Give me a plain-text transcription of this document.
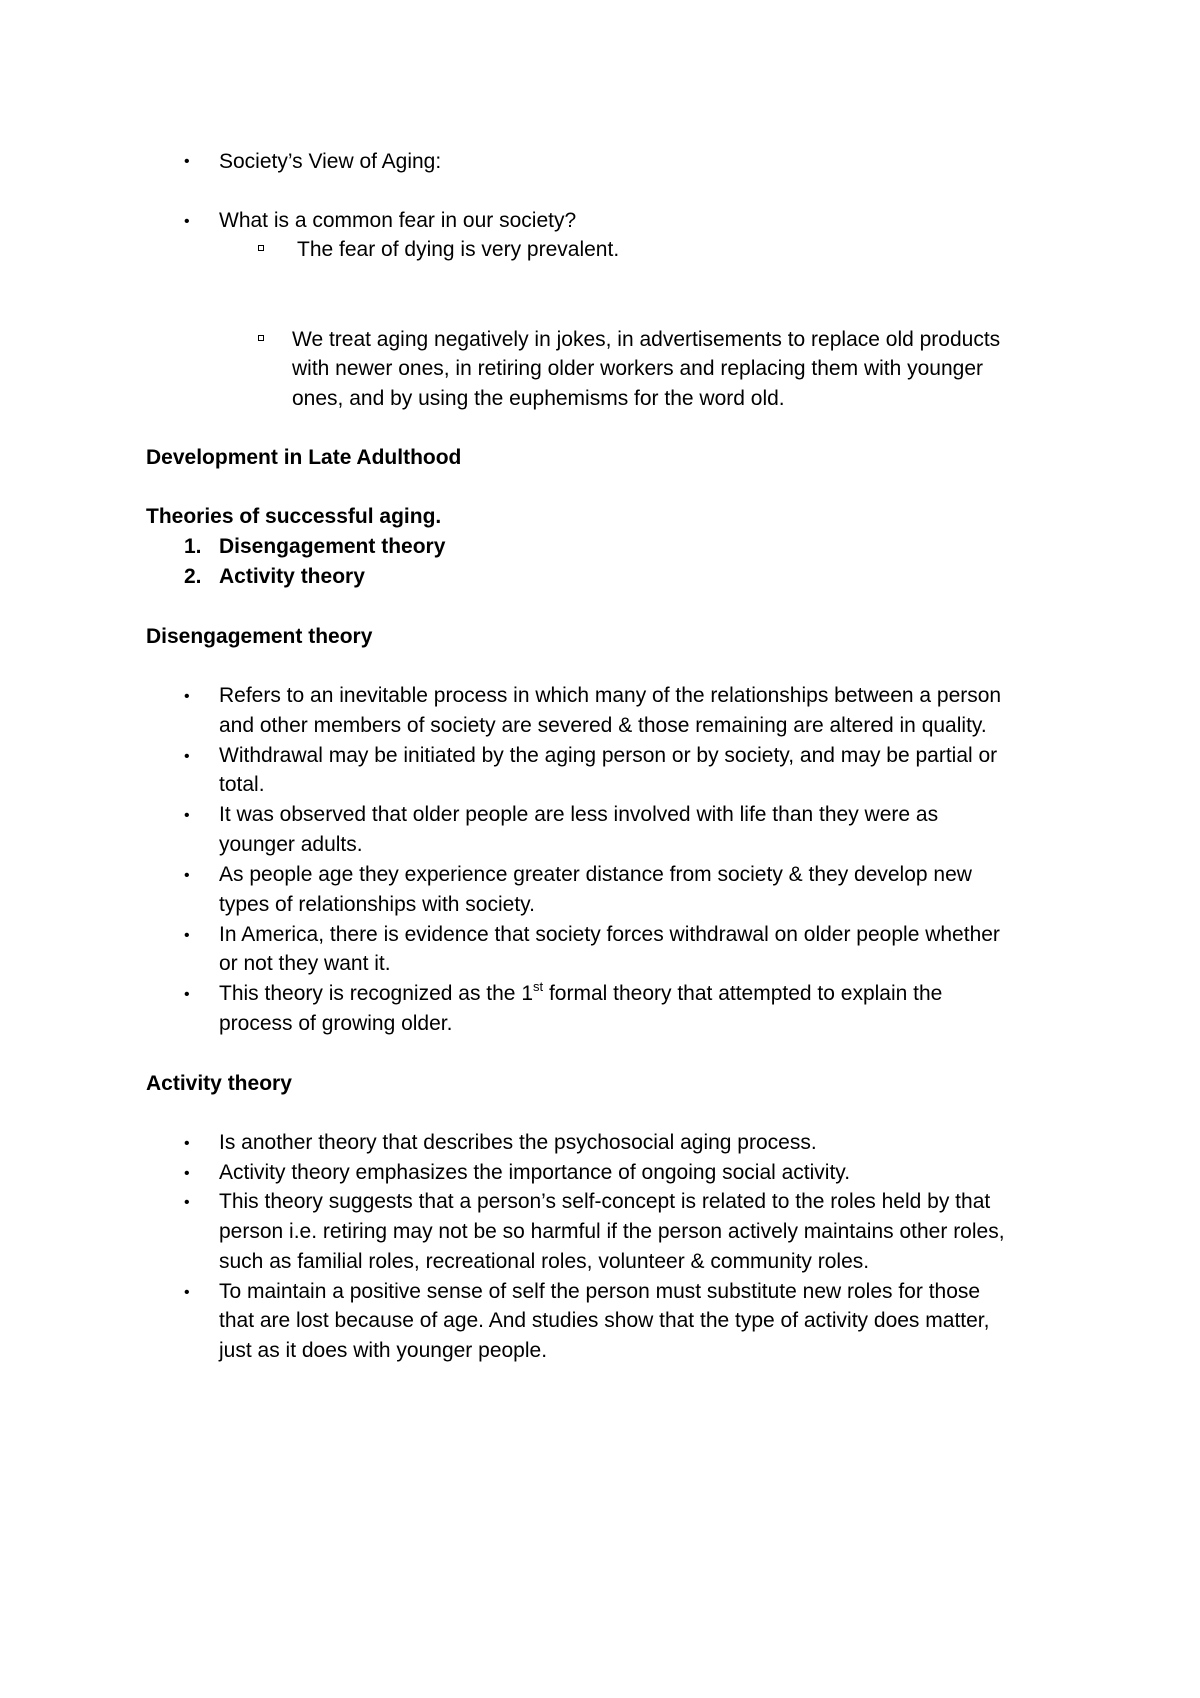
• Society’s View of Aging:
• What is a common fear in our society?
The fear of dying is very prevalent.
We treat aging negatively in jokes, in advertisements to replace old products
with newer ones, in retiring older workers and replacing them with younger
ones, and by using the euphemisms for the word old.
Development in Late Adulthood
Theories of successful aging.
1. Disengagement theory
2. Activity theory
Disengagement theory
• Refers to an inevitable process in which many of the relationships between a person
and other members of society are severed & those remaining are altered in quality.
• Withdrawal may be initiated by the aging person or by society, and may be partial or
total.
• It was observed that older people are less involved with life than they were as
younger adults.
• As people age they experience greater distance from society & they develop new
types of relationships with society.
• In America, there is evidence that society forces withdrawal on older people whether
or not they want it.
• This theory is recognized as the 1st formal theory that attempted to explain the
process of growing older.
Activity theory
• Is another theory that describes the psychosocial aging process.
• Activity theory emphasizes the importance of ongoing social activity.
• This theory suggests that a person’s self-concept is related to the roles held by that
person i.e. retiring may not be so harmful if the person actively maintains other roles,
such as familial roles, recreational roles, volunteer & community roles.
• To maintain a positive sense of self the person must substitute new roles for those
that are lost because of age. And studies show that the type of activity does matter,
just as it does with younger people.
